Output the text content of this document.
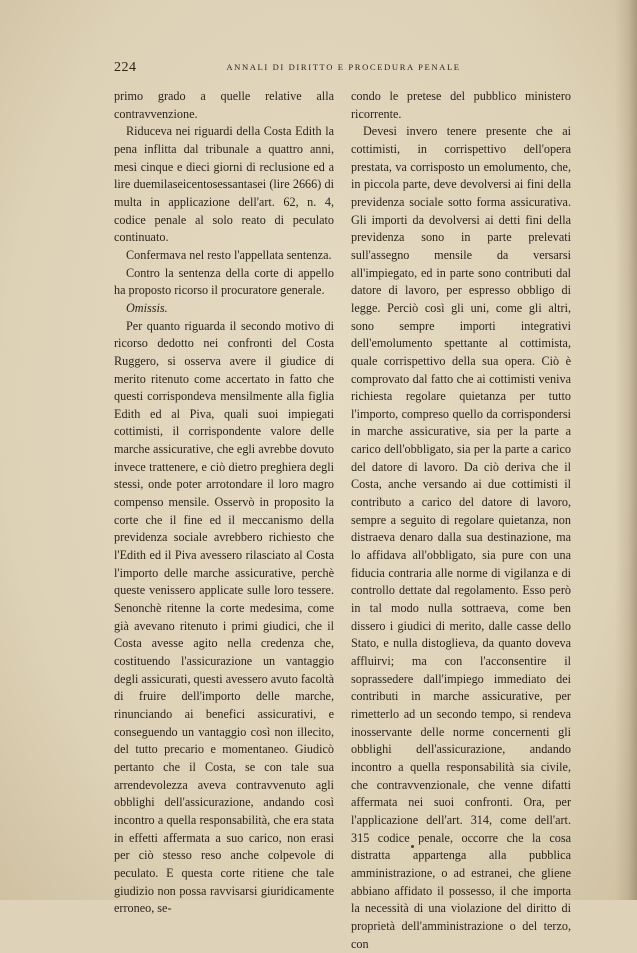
224	ANNALI DI DIRITTO E PROCEDURA PENALE

primo grado a quelle relative alla contravvenzione.

Riduceva nei riguardi della Costa Edith la pena inflitta dal tribunale a quattro anni, mesi cinque e dieci giorni di reclusione ed a lire duemilaseicentosessantasei (lire 2666) di multa in applicazione dell'art. 62, n. 4, codice penale al solo reato di peculato continuato.

Confermava nel resto l'appellata sentenza.

Contro la sentenza della corte di appello ha proposto ricorso il procuratore generale.

Omissis.

Per quanto riguarda il secondo motivo di ricorso dedotto nei confronti del Costa Ruggero, si osserva avere il giudice di merito ritenuto come accertato in fatto che questi corrispondeva mensilmente alla figlia Edith ed al Piva, quali suoi impiegati cottimisti, il corrispondente valore delle marche assicurative, che egli avrebbe dovuto invece trattenere, e ciò dietro preghiera degli stessi, onde poter arrotondare il loro magro compenso mensile. Osservò in proposito la corte che il fine ed il meccanismo della previdenza sociale avrebbero richiesto che l'Edith ed il Piva avessero rilasciato al Costa l'importo delle marche assicurative, perchè queste venissero applicate sulle loro tessere. Senonchè ritenne la corte medesima, come già avevano ritenuto i primi giudici, che il Costa avesse agito nella credenza che, costituendo l'assicurazione un vantaggio degli assicurati, questi avessero avuto facoltà di fruire dell'importo delle marche, rinunciando ai benefici assicurativi, e conseguendo un vantaggio così non illecito, del tutto precario e momentaneo. Giudicò pertanto che il Costa, se con tale sua arrendevolezza aveva contravvenuto agli obblighi dell'assicurazione, andando così incontro a quella responsabilità, che era stata in effetti affermata a suo carico, non erasi per ciò stesso reso anche colpevole di peculato. E questa corte ritiene che tale giudizio non possa ravvisarsi giuridicamente erroneo, se-

condo le pretese del pubblico ministero ricorrente.

Devesi invero tenere presente che ai cottimisti, in corrispettivo dell'opera prestata, va corrisposto un emolumento, che, in piccola parte, deve devolversi ai fini della previdenza sociale sotto forma assicurativa. Gli importi da devolversi ai detti fini della previdenza sono in parte prelevati sull'assegno mensile da versarsi all'impiegato, ed in parte sono contributi dal datore di lavoro, per espresso obbligo di legge. Perciò così gli uni, come gli altri, sono sempre importi integrativi dell'emolumento spettante al cottimista, quale corrispettivo della sua opera. Ciò è comprovato dal fatto che ai cottimisti veniva richiesta regolare quietanza per tutto l'importo, compreso quello da corrispondersi in marche assicurative, sia per la parte a carico dell'obbligato, sia per la parte a carico del datore di lavoro. Da ciò deriva che il Costa, anche versando ai due cottimisti il contributo a carico del datore di lavoro, sempre a seguito di regolare quietanza, non distraeva denaro dalla sua destinazione, ma lo affidava all'obbligato, sia pure con una fiducia contraria alle norme di vigilanza e di controllo dettate dal regolamento. Esso però in tal modo nulla sottraeva, come ben dissero i giudici di merito, dalle casse dello Stato, e nulla distoglieva, da quanto doveva affluirvi; ma con l'acconsentire il soprassedere dall'impiego immediato dei contributi in marche assicurative, per rimetterlo ad un secondo tempo, si rendeva inosservante delle norme concernenti gli obblighi dell'assicurazione, andando incontro a quella responsabilità sia civile, che contravvenzionale, che venne difatti affermata nei suoi confronti. Ora, per l'applicazione dell'art. 314, come dell'art. 315 codice penale, occorre che la cosa distratta appartenga alla pubblica amministrazione, o ad estranei, che gliene abbiano affidato il possesso, il che importa la necessità di una violazione del diritto di proprietà dell'amministrazione o del terzo, con
